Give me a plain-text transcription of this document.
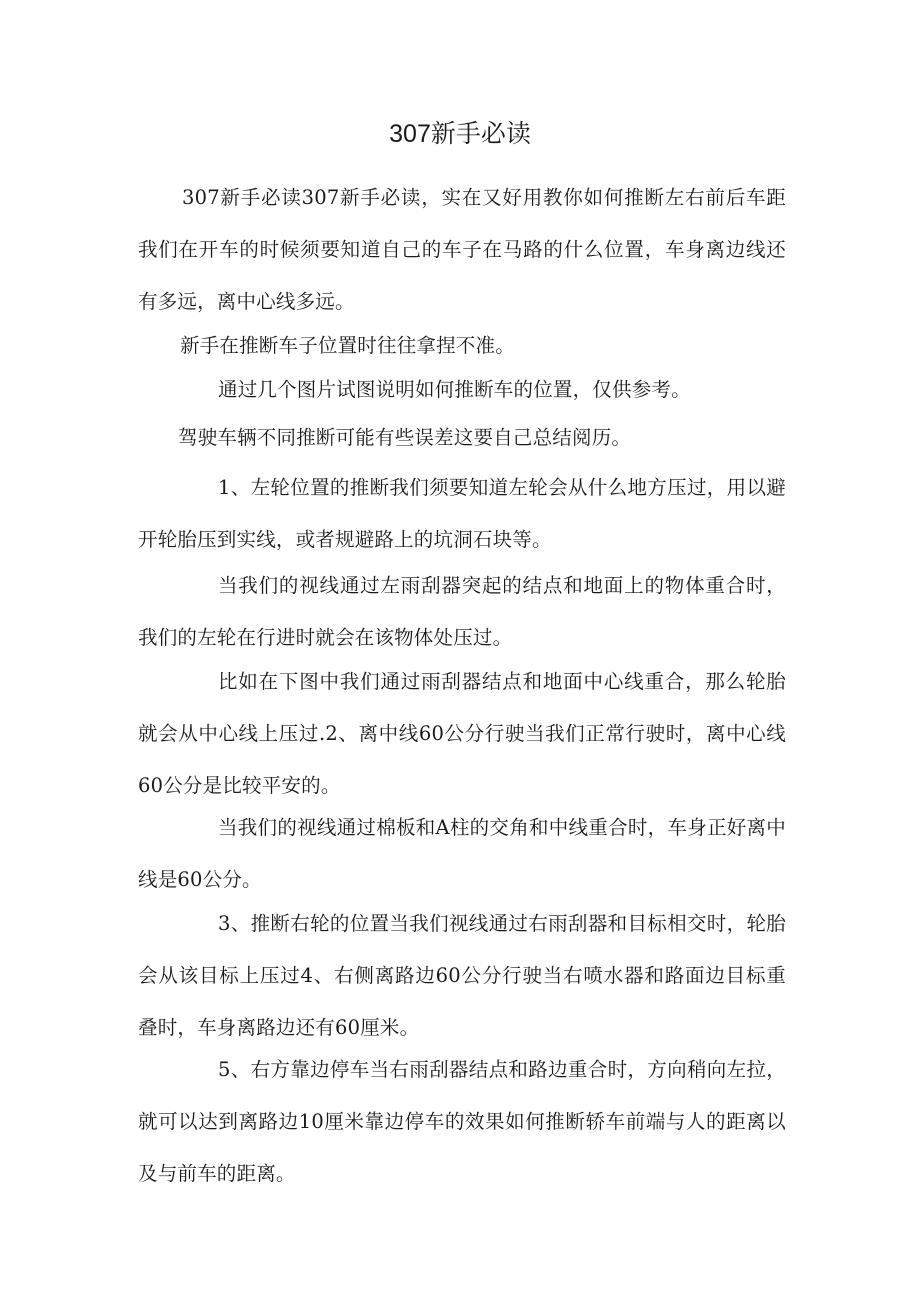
307新手必读

307新手必读307新手必读，实在又好用教你如何推断左右前后车距我们在开车的时候须要知道自己的车子在马路的什么位置，车身离边线还有多远，离中心线多远。

新手在推断车子位置时往往拿捏不准。

通过几个图片试图说明如何推断车的位置，仅供参考。

驾驶车辆不同推断可能有些误差这要自己总结阅历。

1、左轮位置的推断我们须要知道左轮会从什么地方压过，用以避开轮胎压到实线，或者规避路上的坑洞石块等。

当我们的视线通过左雨刮器突起的结点和地面上的物体重合时，我们的左轮在行进时就会在该物体处压过。

比如在下图中我们通过雨刮器结点和地面中心线重合，那么轮胎就会从中心线上压过.2、离中线60公分行驶当我们正常行驶时，离中心线60公分是比较平安的。

当我们的视线通过棉板和A柱的交角和中线重合时，车身正好离中线是60公分。

3、推断右轮的位置当我们视线通过右雨刮器和目标相交时，轮胎会从该目标上压过4、右侧离路边60公分行驶当右喷水器和路面边目标重叠时，车身离路边还有60厘米。

5、右方靠边停车当右雨刮器结点和路边重合时，方向稍向左拉，就可以达到离路边10厘米靠边停车的效果如何推断轿车前端与人的距离以及与前车的距离。
